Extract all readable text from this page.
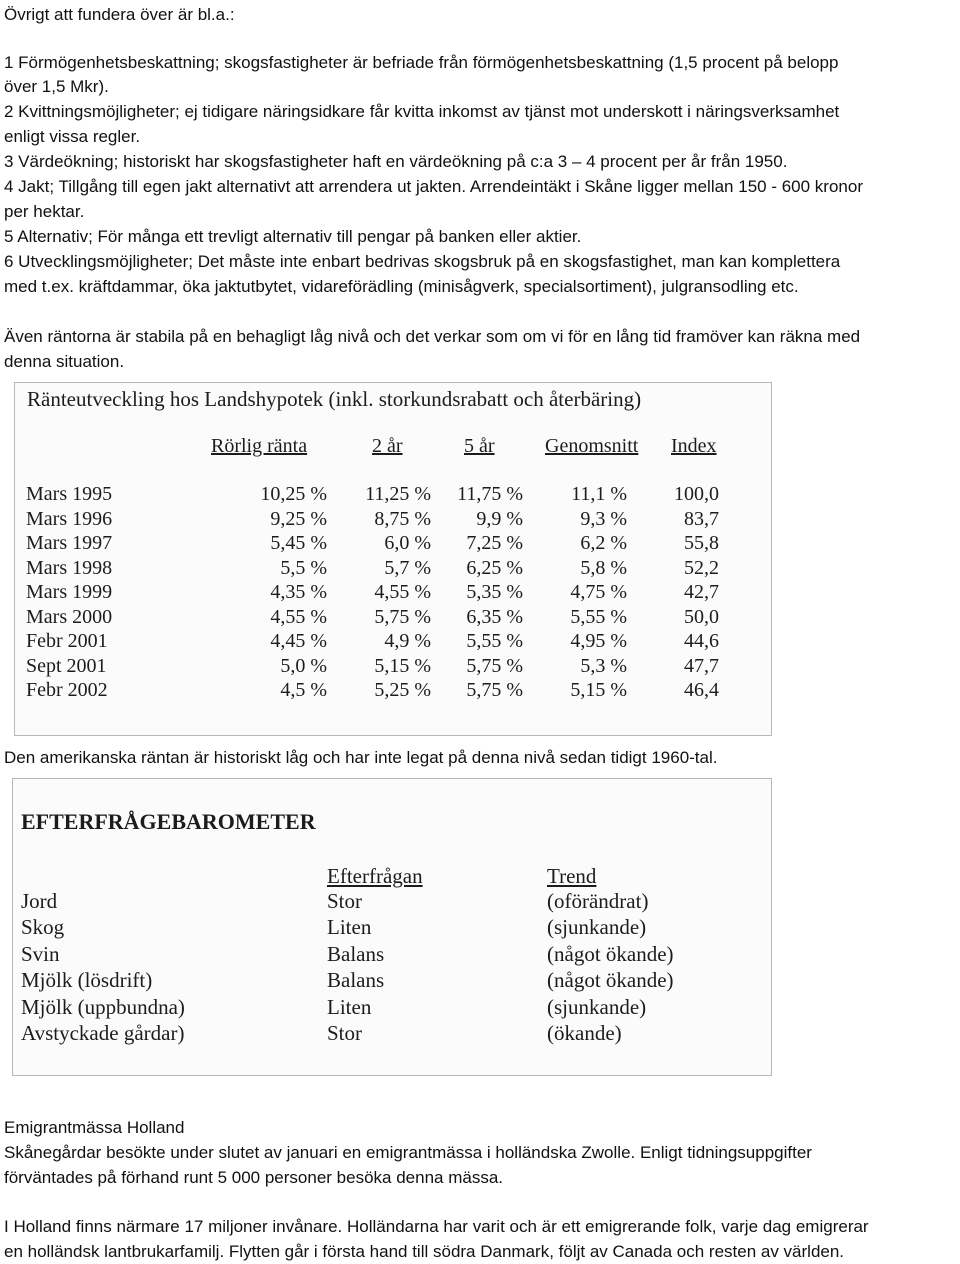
Övrigt att fundera över är bl.a.:
1 Förmögenhetsbeskattning; skogsfastigheter är befriade från förmögenhetsbeskattning (1,5 procent på belopp
över 1,5 Mkr).
2 Kvittningsmöjligheter; ej tidigare näringsidkare får kvitta inkomst av tjänst mot underskott i näringsverksamhet
enligt vissa regler.
3 Värdeökning; historiskt har skogsfastigheter haft en värdeökning på c:a 3 – 4 procent per år från 1950.
4 Jakt; Tillgång till egen jakt alternativt att arrendera ut jakten. Arrendeintäkt i Skåne ligger mellan 150 - 600 kronor
per hektar.
5 Alternativ; För många ett trevligt alternativ till pengar på banken eller aktier.
6 Utvecklingsmöjligheter; Det måste inte enbart bedrivas skogsbruk på en skogsfastighet, man kan komplettera
med t.ex. kräftdammar, öka jaktutbytet, vidareförädling (minisågverk, specialsortiment), julgransodling etc.
Även räntorna är stabila på en behagligt låg nivå och det verkar som om vi för en lång tid framöver kan räkna med
denna situation.
Ränteutveckling hos Landshypotek (inkl. storkundsrabatt och återbäring)
Rörlig ränta	2 år	5 år	Genomsnitt Index
Mars 1995	10,25 % 11,25 % 11,75 % 11,1 % 100,0
Mars 1996	9,25 % 8,75 % 9,9 %	9,3 %	83,7
Mars 1997	5,45 %	6,0 % 7,25 %	6,2 %	55,8
Mars 1998	5,5 %	5,7 % 6,25 %	5,8 %	52,2
Mars 1999	4,35 % 4,55 % 5,35 % 4,75 %	42,7
Mars 2000	4,55 % 5,75 % 6,35 % 5,55 %	50,0
Febr 2001	4,45 %	4,9 % 5,55 % 4,95 %	44,6
Sept 2001	5,0 % 5,15 % 5,75 %	5,3 %	47,7
Febr 2002	4,5 % 5,25 % 5,75 % 5,15 %	46,4
Den amerikanska räntan är historiskt låg och har inte legat på denna nivå sedan tidigt 1960-tal.
EFTERFRÅGEBAROMETER
Efterfrågan	Trend
Jord	Stor	(oförändrat)
Skog	Liten	(sjunkande)
Svin	Balans	(något ökande)
Mjölk (lösdrift)	Balans	(något ökande)
Mjölk (uppbundna)	Liten	(sjunkande)
Avstyckade gårdar)	Stor	(ökande)
Emigrantmässa Holland
Skånegårdar besökte under slutet av januari en emigrantmässa i holländska Zwolle. Enligt tidningsuppgifter
förväntades på förhand runt 5 000 personer besöka denna mässa.
I Holland finns närmare 17 miljoner invånare. Holländarna har varit och är ett emigrerande folk, varje dag emigrerar
en holländsk lantbrukarfamilj. Flytten går i första hand till södra Danmark, följt av Canada och resten av världen.
